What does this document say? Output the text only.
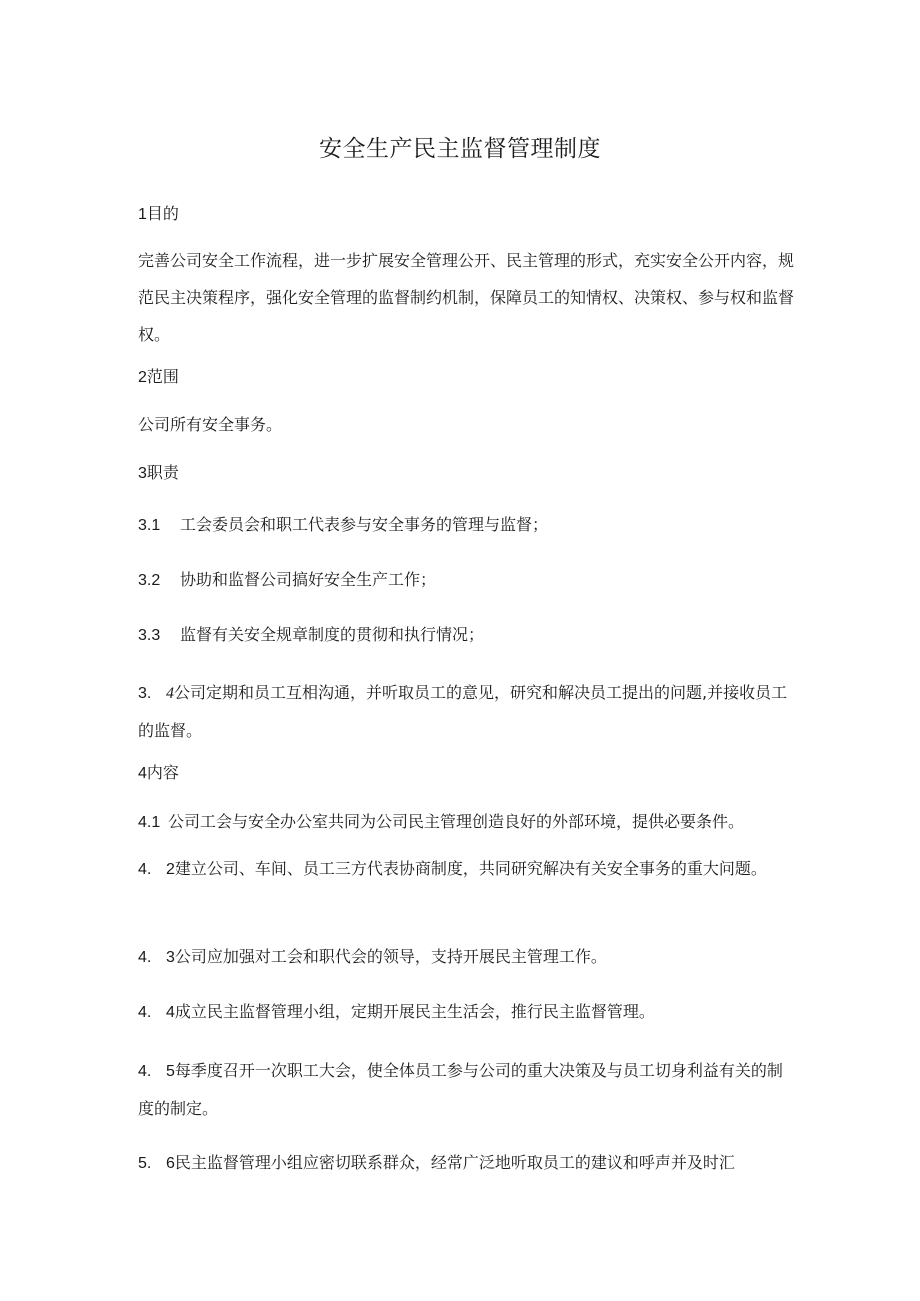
安全生产民主监督管理制度

1目的

完善公司安全工作流程，进一步扩展安全管理公开、民主管理的形式，充实安全公开内容，规范民主决策程序，强化安全管理的监督制约机制，保障员工的知情权、决策权、参与权和监督权。

2范围

公司所有安全事务。

3职责

3.1 工会委员会和职工代表参与安全事务的管理与监督；

3.2 协助和监督公司搞好安全生产工作；

3.3 监督有关安全规章制度的贯彻和执行情况；

3. 4公司定期和员工互相沟通，并听取员工的意见，研究和解决员工提出的问题,并接收员工的监督。

4内容

4.1 公司工会与安全办公室共同为公司民主管理创造良好的外部环境，提供必要条件。

4. 2建立公司、车间、员工三方代表协商制度，共同研究解决有关安全事务的重大问题。

4. 3公司应加强对工会和职代会的领导，支持开展民主管理工作。

4. 4成立民主监督管理小组，定期开展民主生活会，推行民主监督管理。

4. 5每季度召开一次职工大会，使全体员工参与公司的重大决策及与员工切身利益有关的制度的制定。

5. 6民主监督管理小组应密切联系群众，经常广泛地听取员工的建议和呼声并及时汇
